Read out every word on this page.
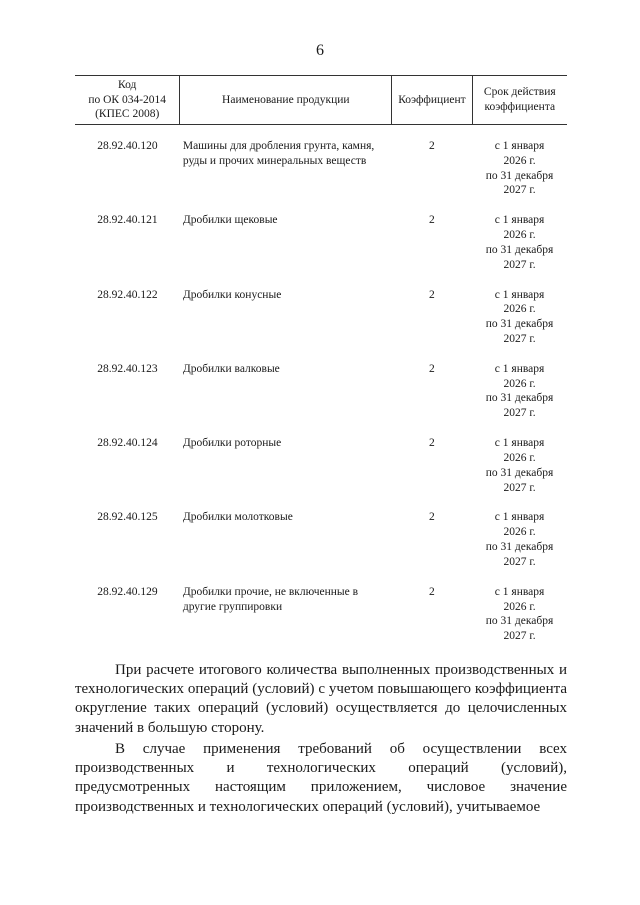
6
Код
по ОК 034-2014
(КПЕС 2008)	Наименование продукции	Коэффициент	Срок действия
коэффициента

28.92.40.120	Машины для дробления грунта, камня, руды и прочих минеральных веществ	2	с 1 января
2026 г.
по 31 декабря
2027 г.

28.92.40.121	Дробилки щековые	2	с 1 января
2026 г.
по 31 декабря
2027 г.

28.92.40.122	Дробилки конусные	2	с 1 января
2026 г.
по 31 декабря
2027 г.

28.92.40.123	Дробилки валковые	2	с 1 января
2026 г.
по 31 декабря
2027 г.

28.92.40.124	Дробилки роторные	2	с 1 января
2026 г.
по 31 декабря
2027 г.

28.92.40.125	Дробилки молотковые	2	с 1 января
2026 г.
по 31 декабря
2027 г.

28.92.40.129	Дробилки прочие, не включенные в другие группировки	2	с 1 января
2026 г.
по 31 декабря
2027 г.

При расчете итогового количества выполненных производственных и технологических операций (условий) с учетом повышающего коэффициента округление таких операций (условий) осуществляется до целочисленных значений в большую сторону.

В случае применения требований об осуществлении всех производственных и технологических операций (условий), предусмотренных настоящим приложением, числовое значение производственных и технологических операций (условий), учитываемое
